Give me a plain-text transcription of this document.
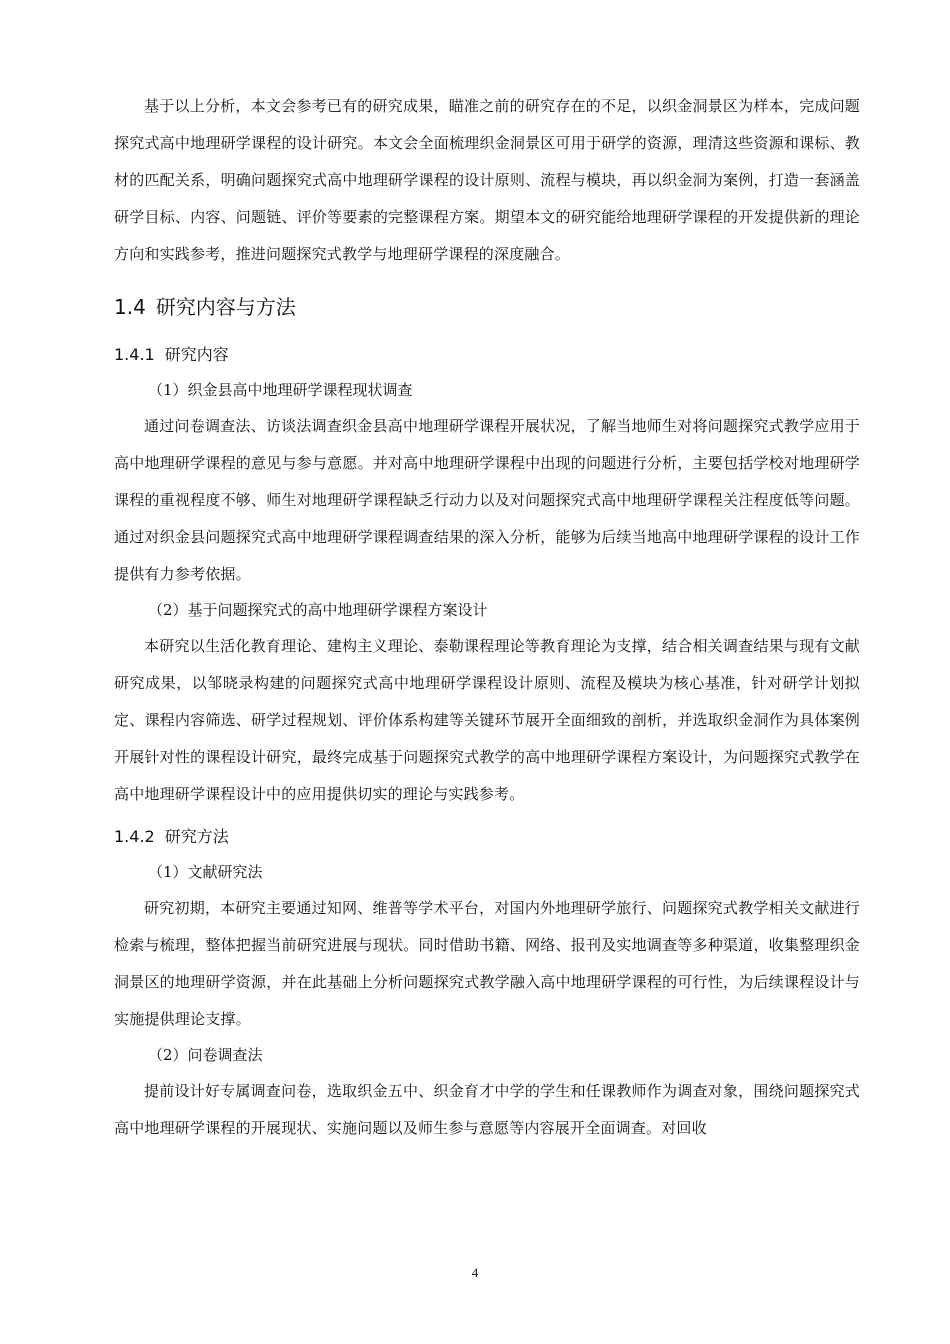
基于以上分析，本文会参考已有的研究成果，瞄准之前的研究存在的不足，以织金洞景区为样本，完成问题探究式高中地理研学课程的设计研究。本文会全面梳理织金洞景区可用于研学的资源，理清这些资源和课标、教材的匹配关系，明确问题探究式高中地理研学课程的设计原则、流程与模块，再以织金洞为案例，打造一套涵盖研学目标、内容、问题链、评价等要素的完整课程方案。期望本文的研究能给地理研学课程的开发提供新的理论方向和实践参考，推进问题探究式教学与地理研学课程的深度融合。

1.4 研究内容与方法
1.4.1 研究内容

（1）织金县高中地理研学课程现状调查

通过问卷调查法、访谈法调查织金县高中地理研学课程开展状况，了解当地师生对将问题探究式教学应用于高中地理研学课程的意见与参与意愿。并对高中地理研学课程中出现的问题进行分析，主要包括学校对地理研学课程的重视程度不够、师生对地理研学课程缺乏行动力以及对问题探究式高中地理研学课程关注程度低等问题。通过对织金县问题探究式高中地理研学课程调查结果的深入分析，能够为后续当地高中地理研学课程的设计工作提供有力参考依据。

（2）基于问题探究式的高中地理研学课程方案设计

本研究以生活化教育理论、建构主义理论、泰勒课程理论等教育理论为支撑，结合相关调查结果与现有文献研究成果，以邹晓录构建的问题探究式高中地理研学课程设计原则、流程及模块为核心基准，针对研学计划拟定、课程内容筛选、研学过程规划、评价体系构建等关键环节展开全面细致的剖析，并选取织金洞作为具体案例开展针对性的课程设计研究，最终完成基于问题探究式教学的高中地理研学课程方案设计，为问题探究式教学在高中地理研学课程设计中的应用提供切实的理论与实践参考。

1.4.2 研究方法

（1）文献研究法

研究初期，本研究主要通过知网、维普等学术平台，对国内外地理研学旅行、问题探究式教学相关文献进行检索与梳理，整体把握当前研究进展与现状。同时借助书籍、网络、报刊及实地调查等多种渠道，收集整理织金洞景区的地理研学资源，并在此基础上分析问题探究式教学融入高中地理研学课程的可行性，为后续课程设计与实施提供理论支撑。

（2）问卷调查法

提前设计好专属调查问卷，选取织金五中、织金育才中学的学生和任课教师作为调查对象，围绕问题探究式高中地理研学课程的开展现状、实施问题以及师生参与意愿等内容展开全面调查。对回收

4
